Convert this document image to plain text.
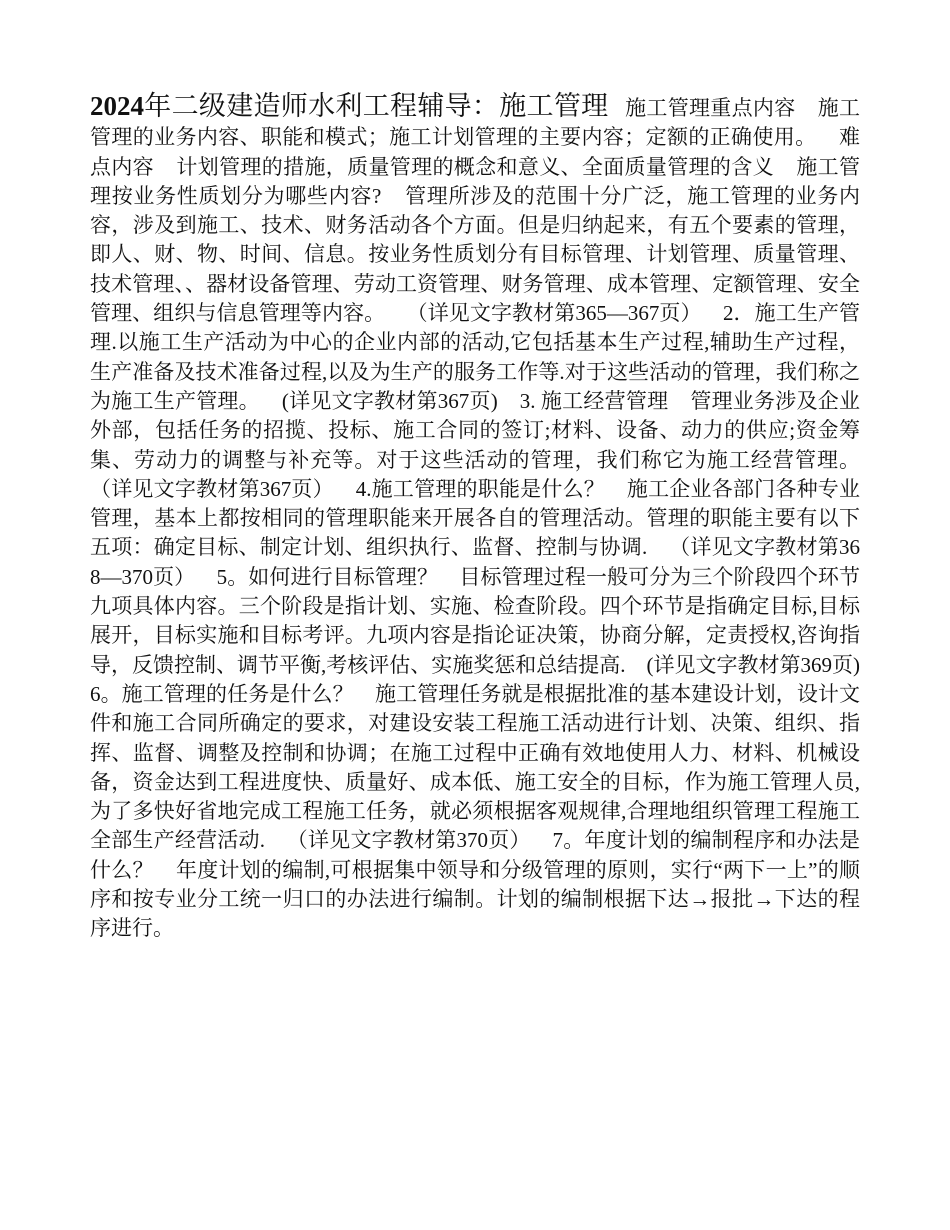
2024年二级建造师水利工程辅导：施工管理   施工管理重点内容    施工管理的业务内容、职能和模式；施工计划管理的主要内容；定额的正确使用。    难点内容    计划管理的措施，质量管理的概念和意义、全面质量管理的含义    施工管理按业务性质划分为哪些内容?    管理所涉及的范围十分广泛，施工管理的业务内容，涉及到施工、技术、财务活动各个方面。但是归纳起来，有五个要素的管理，即人、财、物、时间、信息。按业务性质划分有目标管理、计划管理、质量管理、技术管理、、器材设备管理、劳动工资管理、财务管理、成本管理、定额管理、安全管理、组织与信息管理等内容。    （详见文字教材第365—367页）    2．施工生产管理.以施工生产活动为中心的企业内部的活动,它包括基本生产过程,辅助生产过程，  生产准备及技术准备过程,以及为生产的服务工作等.对于这些活动的管理，我们称之为施工生产管理。    (详见文字教材第367页)    3. 施工经营管理    管理业务涉及企业外部，包括任务的招揽、投标、施工合同的签订;材料、设备、动力的供应;资金筹集、劳动力的调整与补充等。对于这些活动的管理，我们称它为施工经营管理。    （详见文字教材第367页）    4.施工管理的职能是什么？    施工企业各部门各种专业管理，基本上都按相同的管理职能来开展各自的管理活动。管理的职能主要有以下五项：确定目标、制定计划、组织执行、监督、控制与协调.    （详见文字教材第368—370页）    5。如何进行目标管理？    目标管理过程一般可分为三个阶段四个环节九项具体内容。三个阶段是指计划、实施、检查阶段。四个环节是指确定目标,目标展开，目标实施和目标考评。九项内容是指论证决策，协商分解，定责授权,咨询指导，反馈控制、调节平衡,考核评估、实施奖惩和总结提高.    (详见文字教材第369页)    6。施工管理的任务是什么？    施工管理任务就是根据批准的基本建设计划，设计文件和施工合同所确定的要求，对建设安装工程施工活动进行计划、决策、组织、指挥、监督、调整及控制和协调；在施工过程中正确有效地使用人力、材料、机械设备，资金达到工程进度快、质量好、成本低、施工安全的目标，作为施工管理人员,为了多快好省地完成工程施工任务，就必须根据客观规律,合理地组织管理工程施工全部生产经营活动.    （详见文字教材第370页）    7。年度计划的编制程序和办法是什么？    年度计划的编制,可根据集中领导和分级管理的原则，实行“两下一上”的顺序和按专业分工统一归口的办法进行编制。计划的编制根据下达→报批→下达的程序进行。
